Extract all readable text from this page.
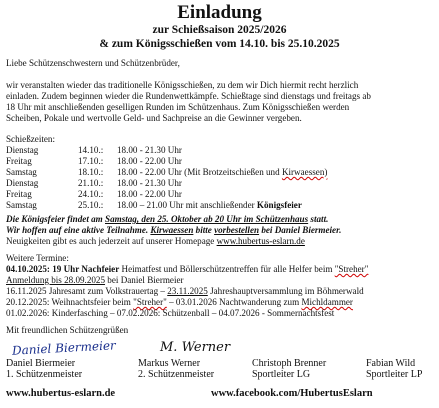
Einladung
zur Schießsaison 2025/2026
& zum Königsschießen vom 14.10. bis 25.10.2025
Liebe Schützenschwestern und Schützenbrüder,
wir veranstalten wieder das traditionelle Königsschießen, zu dem wir Dich hiermit recht herzlich
einladen. Zudem beginnen wieder die Rundenwettkämpfe. Schießtage sind dienstags und freitags ab
18 Uhr mit anschließenden geselligen Runden im Schützenhaus. Zum Königsschießen werden
Scheiben, Pokale und wertvolle Geld- und Sachpreise an die Gewinner vergeben.
Schießzeiten:
Dienstag	14.10.: 18.00 - 21.30 Uhr
Freitag	17.10.: 18.00 - 22.00 Uhr
Samstag	18.10.: 18.00 - 22.00 Uhr (Mit Brotzeitschießen und Kirwaessen)
Dienstag	21.10.: 18.00 - 21.30 Uhr
Freitag	24.10.: 18.00 - 22.00 Uhr
Samstag	25.10.: 18.00 – 21.00 Uhr mit anschließender Königsfeier
Die Königsfeier findet am Samstag, den 25. Oktober ab 20 Uhr im Schützenhaus statt.
Wir hoffen auf eine aktive Teilnahme. Kirwaessen bitte vorbestellen bei Daniel Biermeier.
Neuigkeiten gibt es auch jederzeit auf unserer Homepage www.hubertus-eslarn.de
Weitere Termine:
04.10.2025: 19 Uhr Nachfeier Heimatfest und Böllerschützentreffen für alle Helfer beim "Streher"
Anmeldung bis 28.09.2025 bei Daniel Biermeier
16.11.2025 Jahresamt zum Volkstrauertag – 23.11.2025 Jahreshauptversammlung im Böhmerwald
20.12.2025: Weihnachtsfeier beim "Streher" – 03.01.2026 Nachtwanderung zum Michldammer
01.02.2026: Kinderfasching – 07.02.2026: Schützenball – 04.07.2026 - Sommernachtsfest
Mit freundlichen Schützengrüßen
Daniel Biermeier	M. Werner
Daniel Biermeier
1. Schützenmeister
Markus Werner
2. Schützenmeister
Christoph Brenner
Sportleiter LG
Fabian Wild
Sportleiter LP
www.hubertus-eslarn.de	www.facebook.com/HubertusEslarn
